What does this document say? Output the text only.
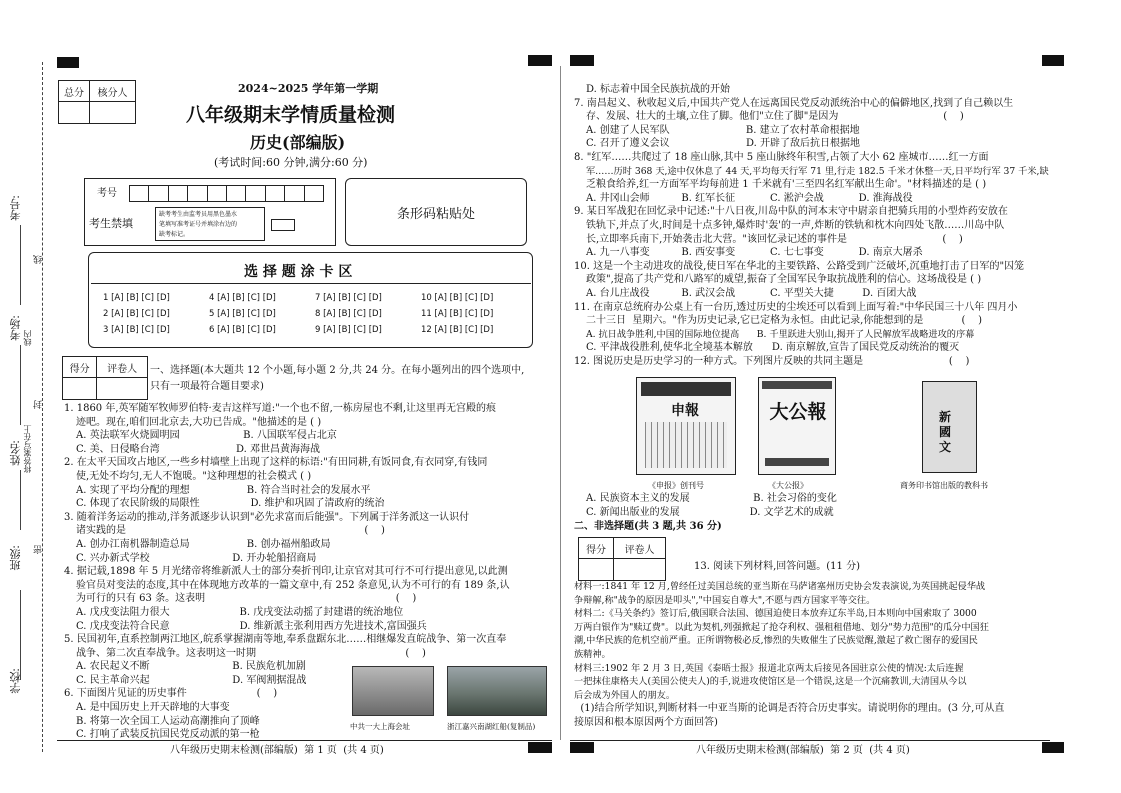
学校:
班级:
姓名:
考场:
考号:
密
封
线
将答案写在上
线内
总分	核分人
		2024~2025 学年第一学期
八年级期末学情质量检测
历史(部编版)
(考试时间:60 分钟,满分:60 分)
考号
考生禁填
缺考考生由监考员用黑色墨水
笔填写准考证号并填涂右边的
缺考标记。
条形码粘贴处
选 择 题 涂 卡 区
1 [A] [B] [C] [D]	4 [A] [B] [C] [D]	7 [A] [B] [C] [D]	10 [A] [B] [C] [D]
2 [A] [B] [C] [D]	5 [A] [B] [C] [D]	8 [A] [B] [C] [D]	11 [A] [B] [C] [D]
3 [A] [B] [C] [D]	6 [A] [B] [C] [D]	9 [A] [B] [C] [D]	12 [A] [B] [C] [D]
得分	评卷人
	一、选择题(本大题共 12 个小题,每小题 2 分,共 24 分。在每小题列出的四个选项中,
只有一项最符合题目要求)
1. 1860 年,英军随军牧师罗伯特·麦吉这样写道:"一个也不留,一栋房屋也不剩,让这里再无宫殿的痕
迹吧。现在,咱们回北京去,大功已告成。"他描述的是 ( )
A. 英法联军火烧圆明园                    B. 八国联军侵占北京
C. 美、日侵略台湾                        D. 邓世昌黄海海战
2. 在太平天国攻占地区,一些乡村墙壁上出现了这样的标语:"有田同耕,有饭同食,有衣同穿,有钱同
使,无处不均匀,无人不饱暖。"这种理想的社会模式 ( )
A. 实现了平均分配的理想                  B. 符合当时社会的发展水平
C. 体现了农民阶级的局限性                D. 维护和巩固了清政府的统治
3. 随着洋务运动的推动,洋务派逐步认识到"必先求富而后能强"。下列属于洋务派这一认识付
诸实践的是                                                                           (    )
A. 创办江南机器制造总局                  B. 创办福州船政局
C. 兴办新式学校                          D. 开办轮船招商局
4. 据记载,1898 年 5 月光绪帝将维新派人士的部分奏折刊印,让京官对其可行不可行提出意见,以此测
验官员对变法的态度,其中在体现地方改革的一篇文章中,有 252 条意见,认为不可行的有 189 条,认
为可行的只有 63 条。这表明                                                            (    )
A. 戊戌变法阻力很大                      B. 戊戌变法动摇了封建谱的统治地位
C. 戊戌变法符合民意                      D. 维新派主张利用西方先进技术,富国强兵
5. 民国初年,直系控制两江地区,皖系掌握湖南等地,奉系盘踞东北……相继爆发直皖战争、第一次直奉
战争、第二次直奉战争。这表明这一时期                                               (    )
A. 农民起义不断                          B. 民族危机加剧
C. 民主革命兴起                          D. 军阀割据混战
6. 下面图片见证的历史事件                      (    )
A. 是中国历史上开天辟地的大事变
B. 将第一次全国工人运动高潮推向了顶峰
C. 打响了武装反抗国民党反动派的第一枪
中共一大上海会址	浙江嘉兴南湖红船(复制品)
八年级历史期末检测(部编版)  第 1 页  (共 4 页)
D. 标志着中国全民族抗战的开始
7. 南昌起义、秋收起义后,中国共产党人在远离国民党反动派统治中心的偏僻地区,找到了自己赖以生
存、发展、壮大的土壤,立住了脚。他们"立住了脚"是因为                                 (    )
A. 创建了人民军队                        B. 建立了农村革命根据地
C. 召开了遵义会议                        D. 开辟了敌后抗日根据地
8. "红军……共爬过了 18 座山脉,其中 5 座山脉终年积雪,占领了大小 62 座城市……红一方面
军……历时 368 天,途中仅休息了 44 天,平均每天行军 71 里,行走 182.5 千米才休整一天,日平均行军 37 千米,缺
乏粮食给养,红一方面军平均每前进 1 千米就有'三至四名红军献出生命'。"材料描述的是 ( )
A. 井冈山会师          B. 红军长征           C. 淞沪会战           D. 淮海战役
9. 某日军战犯在回忆录中记述:"十八日夜,川岛中队的河本末守中尉亲自把骑兵用的小型炸药安放在
铁轨下,并点了火,时间是十点多钟,爆炸时'轰'的一声,炸断的铁轨和枕木向四处飞散……川岛中队
长,立即率兵南下,开始袭击北大营。"该回忆录记述的事件是                              (    )
A. 九一八事变          B. 西安事变           C. 七七事变           D. 南京大屠杀
10. 这是一个主动进攻的战役,使日军在华北的主要铁路、公路受到广泛破坏,沉重地打击了日军的"囚笼
政策",提高了共产党和八路军的威望,振奋了全国军民争取抗战胜利的信心。这场战役是 ( )
A. 台儿庄战役          B. 武汉会战           C. 平型关大捷         D. 百团大战
11. 在南京总统府办公桌上有一台历,透过历史的尘埃还可以看到上面写着:"中华民国三十八年 四月小
二十三日  星期六。"作为历史记录,它已定格为永恒。由此记录,你能想到的是            (    )
A. 抗日战争胜利,中国的国际地位提高      B. 千里跃进大别山,揭开了人民解放军战略进攻的序幕
C. 平津战役胜利,使华北全境基本解放      D. 南京解放,宣告了国民党反动统治的覆灭
12. 图说历史是历史学习的一种方式。下列图片反映的共同主题是                           (    )
申報	大公報	新國文
《申报》创刊号	《大公报》	商务印书馆出版的教科书
A. 民族资本主义的发展                    B. 社会习俗的变化
C. 新闻出版业的发展                      D. 文学艺术的成就
二、非选择题(共 3 题,共 36 分)
得分	评卷人

13. 阅读下列材料,回答问题。(11 分)
材料一:1841 年 12 月,曾经任过美国总统的亚当斯在马萨诸塞州历史协会发表演说,为英国挑起侵华战
争辩解,称"战争的原因是叩头","中国妄自尊大",不愿与西方国家平等交往。
材料二:《马关条约》签订后,俄国联合法国、德国迫使日本放弃辽东半岛,日本则向中国索取了 3000
万两白银作为"赎辽费"。以此为契机,列强掀起了抢夺利权、强租租借地、划分"势力范围"的瓜分中国狂
潮,中华民族的危机空前严重。正所谓物极必反,惨烈的失败催生了民族觉醒,激起了救亡图存的爱国民
族精神。
材料三:1902 年 2 月 3 日,英国《泰晤士报》报道北京两太后接见各国驻京公使的情况:太后连握
一把抹住康格夫人(美国公使夫人)的手,说进攻使馆区是一个错误,这是一个沉痛教训,大清国从今以
后会成为外国人的朋友。
(1)结合所学知识,判断材料一中亚当斯的论调是否符合历史事实。请说明你的理由。(3 分,可从直
接原因和根本原因两个方面回答)
八年级历史期末检测(部编版)  第 2 页  (共 4 页)
